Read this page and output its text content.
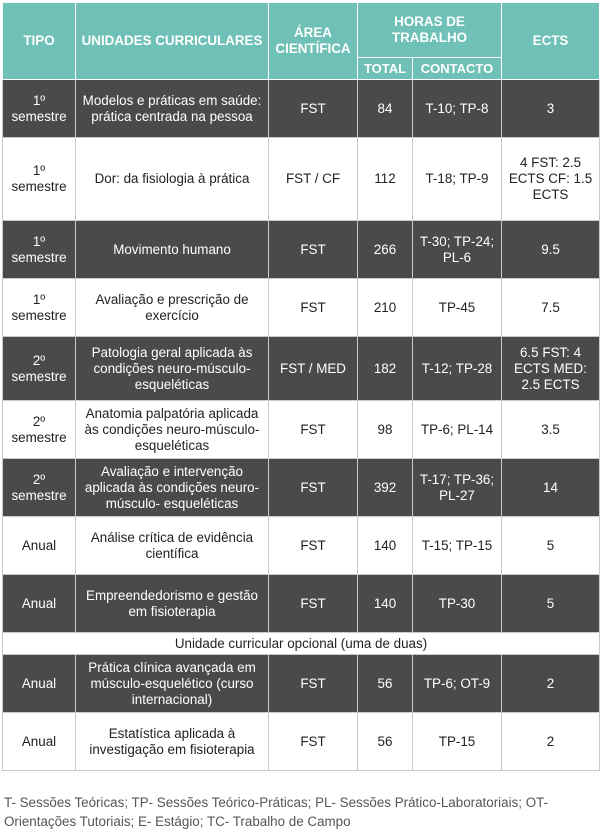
TIPO	UNIDADES CURRICULARES	ÁREA CIENTÍFICA	HORAS DE TRABALHO		ECTS
			TOTAL	CONTACTO	
1º semestre	Modelos e práticas em saúde: prática centrada na pessoa	FST	84	T-10; TP-8	3
1º semestre	Dor: da fisiologia à prática	FST / CF	112	T-18; TP-9	4 FST: 2.5 ECTS CF: 1.5 ECTS
1º semestre	Movimento humano	FST	266	T-30; TP-24; PL-6	9.5
1º semestre	Avaliação e prescrição de exercício	FST	210	TP-45	7.5
2º semestre	Patologia geral aplicada às condições neuro-músculo-esqueléticas	FST / MED	182	T-12; TP-28	6.5 FST: 4 ECTS MED: 2.5 ECTS
2º semestre	Anatomia palpatória aplicada às condições neuro-músculo- esqueléticas	FST	98	TP-6; PL-14	3.5
2º semestre	Avaliação e intervenção aplicada às condições neuro-músculo- esqueléticas	FST	392	T-17; TP-36; PL-27	14
Anual	Análise crítica de evidência científica	FST	140	T-15; TP-15	5
Anual	Empreendedorismo e gestão em fisioterapia	FST	140	TP-30	5
Unidade curricular opcional (uma de duas)					
Anual	Prática clínica avançada em músculo-esquelético (curso internacional)	FST	56	TP-6; OT-9	2
Anual	Estatística aplicada à investigação em fisioterapia	FST	56	TP-15	2
T- Sessões Teóricas; TP- Sessões Teórico-Práticas; PL- Sessões Prático-Laboratoriais; OT- Orientações Tutoriais; E- Estágio; TC- Trabalho de Campo
